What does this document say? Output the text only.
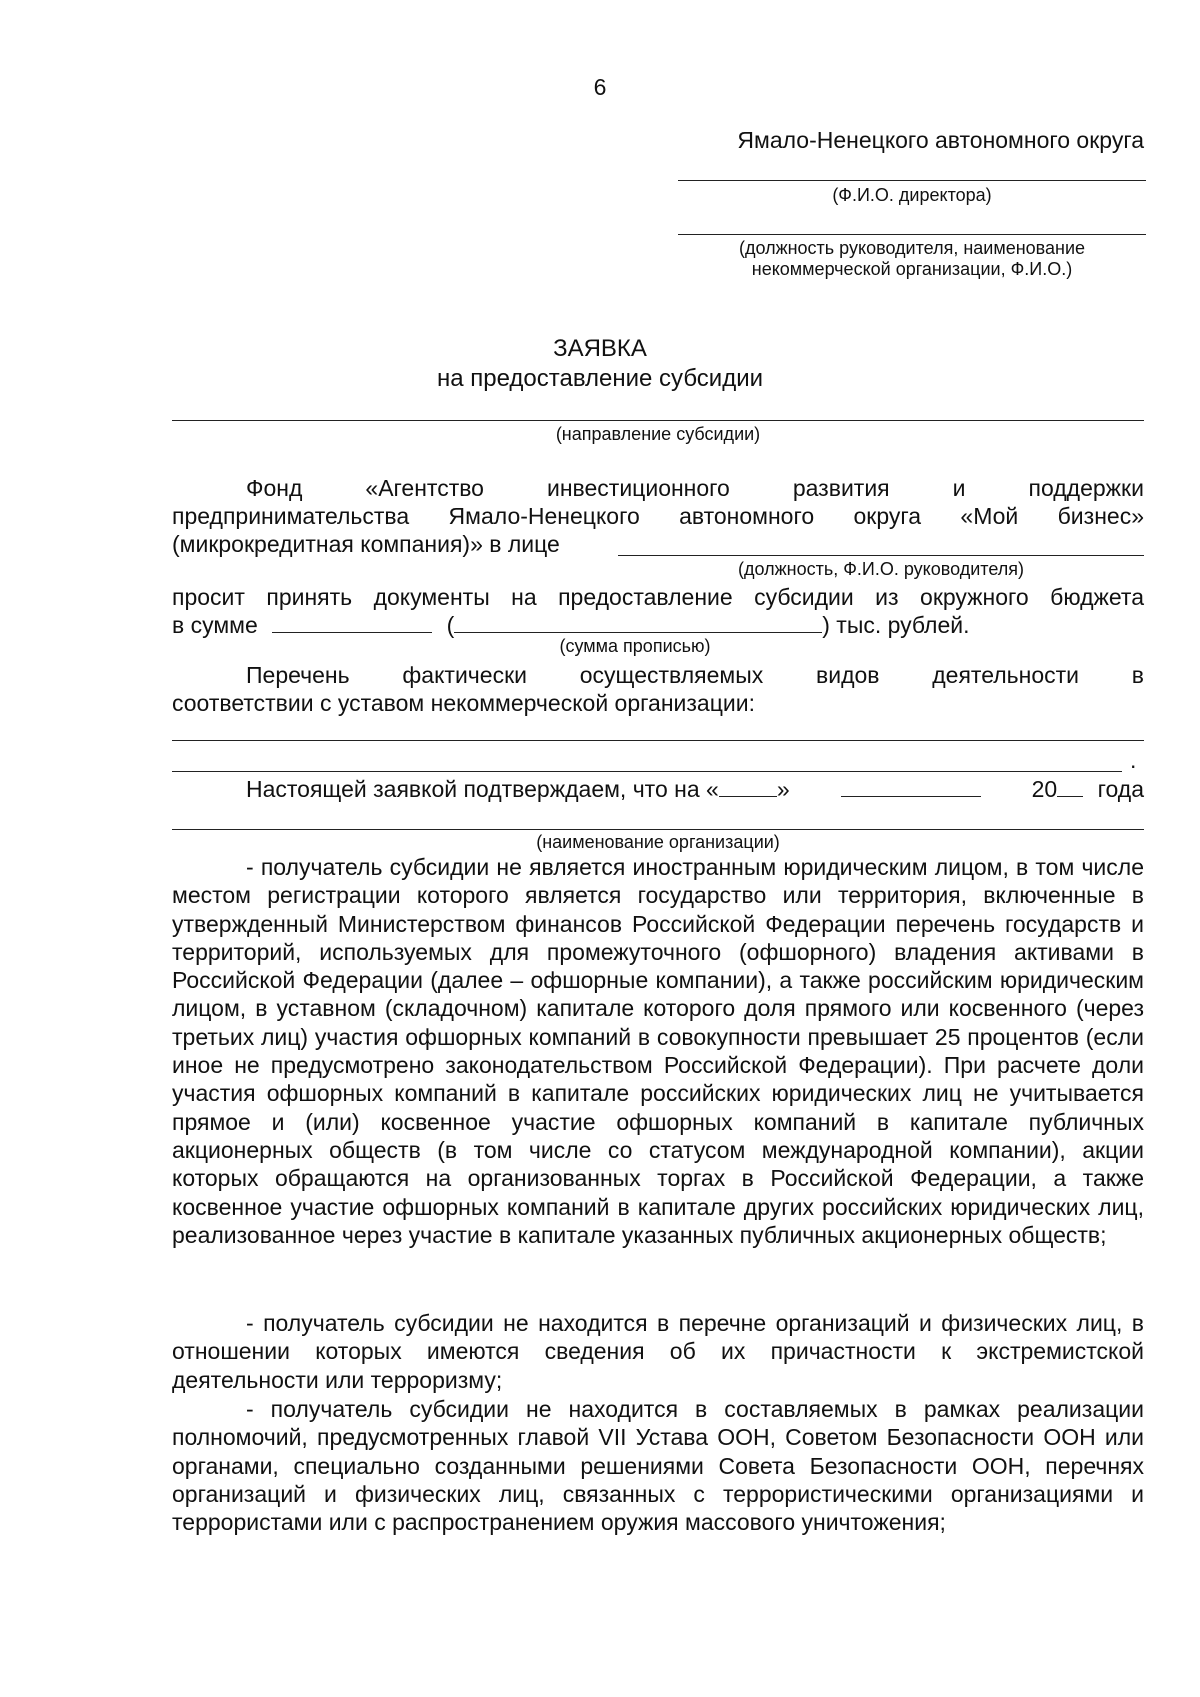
6
Ямало-Ненецкого автономного округа
(Ф.И.О. директора)
(должность руководителя, наименование
некоммерческой организации, Ф.И.О.)
ЗАЯВКА
на предоставление субсидии
(направление субсидии)
Фонд	«Агентство	инвестиционного	развития	и	поддержки
предпринимательства Ямало-Ненецкого автономного округа «Мой бизнес»
(микрокредитная компания)» в лице
(должность, Ф.И.О. руководителя)
просит принять документы на предоставление субсидии из окружного бюджета
в сумме	(	) тыс. рублей.
(сумма прописью)
Перечень фактически осуществляемых видов деятельности в
соответствии с уставом некоммерческой организации:
.
Настоящей заявкой подтверждаем, что на «	»	20 года
(наименование организации)
- получатель субсидии не является иностранным юридическим лицом, в том числе местом регистрации которого является государство или территория, включенные в утвержденный Министерством финансов Российской Федерации перечень государств и территорий, используемых для промежуточного (офшорного) владения активами в Российской Федерации (далее – офшорные компании), а также российским юридическим лицом, в уставном (складочном) капитале которого доля прямого или косвенного (через третьих лиц) участия офшорных компаний в совокупности превышает 25 процентов (если иное не предусмотрено законодательством Российской Федерации). При расчете доли участия офшорных компаний в капитале российских юридических лиц не учитывается прямое и (или) косвенное участие офшорных компаний в капитале публичных акционерных обществ (в том числе со статусом международной компании), акции которых обращаются на организованных торгах в Российской Федерации, а также косвенное участие офшорных компаний в капитале других российских юридических лиц, реализованное через участие в капитале указанных публичных акционерных обществ;
- получатель субсидии не находится в перечне организаций и физических лиц, в отношении которых имеются сведения об их причастности к экстремистской деятельности или терроризму;
- получатель субсидии не находится в составляемых в рамках реализации полномочий, предусмотренных главой VII Устава ООН, Советом Безопасности ООН или органами, специально созданными решениями Совета Безопасности ООН, перечнях организаций и физических лиц, связанных с террористическими организациями и террористами или с распространением оружия массового уничтожения;
